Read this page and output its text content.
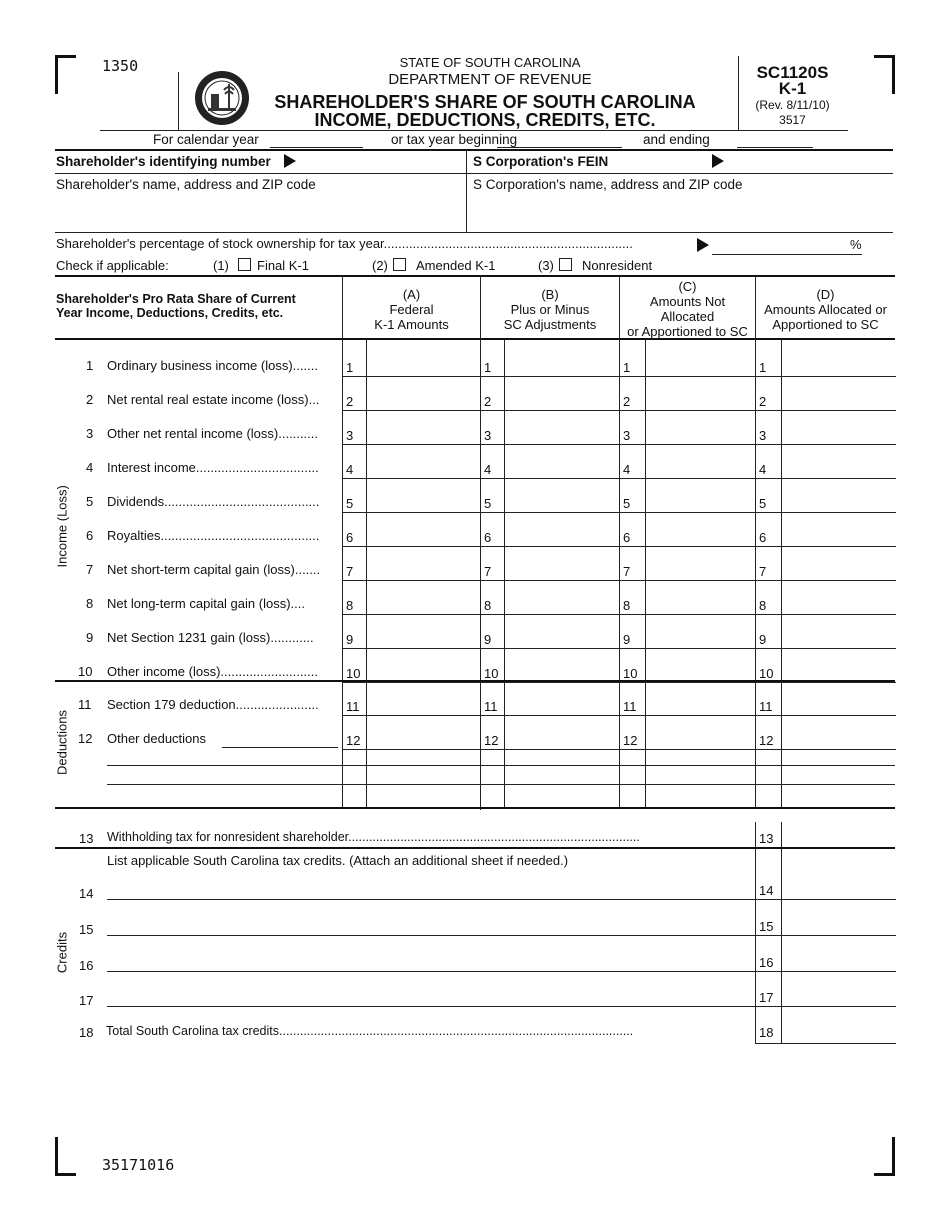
1350
35171016
STATE OF SOUTH CAROLINA
DEPARTMENT OF REVENUE
SHAREHOLDER'S SHARE OF SOUTH CAROLINA
INCOME, DEDUCTIONS, CREDITS, ETC.
SC1120S
K-1
(Rev. 8/11/10)
3517
For calendar year	or tax year beginning	and ending
Shareholder's identifying number	S Corporation's FEIN
Shareholder's name, address and ZIP code	S Corporation's name, address and ZIP code
Shareholder's percentage of stock ownership for tax year.....................................................................	%
Check if applicable:	(1) Final K-1	(2) Amended K-1	(3) Nonresident
Shareholder's Pro Rata Share of Current
Year Income, Deductions, Credits, etc.
(A)
Federal
K-1 Amounts
(B)
Plus or Minus
SC Adjustments
(C)
Amounts Not
Allocated
or Apportioned to SC
(D)
Amounts Allocated or
Apportioned to SC
1 Ordinary business income (loss).......	1	1	1	1
2 Net rental real estate income (loss)...	2	2	2	2
3 Other net rental income (loss)...........	3	3	3	3
4 Interest income..................................	4	4	4	4
5 Dividends...........................................	5	5	5	5
6 Royalties............................................	6	6	6	6
7 Net short-term capital gain (loss).......	7	7	7	7
8 Net long-term capital gain (loss)....	8	8	8	8
9 Net Section 1231 gain (loss)............	9	9	9	9
10 Other income (loss)...........................	10	10	10	10
11 Section 179 deduction.......................	11	11	11	11
12 Other deductions	12	12	12	12
Income (Loss)
Deductions
Credits
13 Withholding tax for nonresident shareholder....................................................................................	13
List applicable South Carolina tax credits. (Attach an additional sheet if needed.)
14	14
15	15
16	16
17	17
18 Total South Carolina tax credits......................................................................................................	18
